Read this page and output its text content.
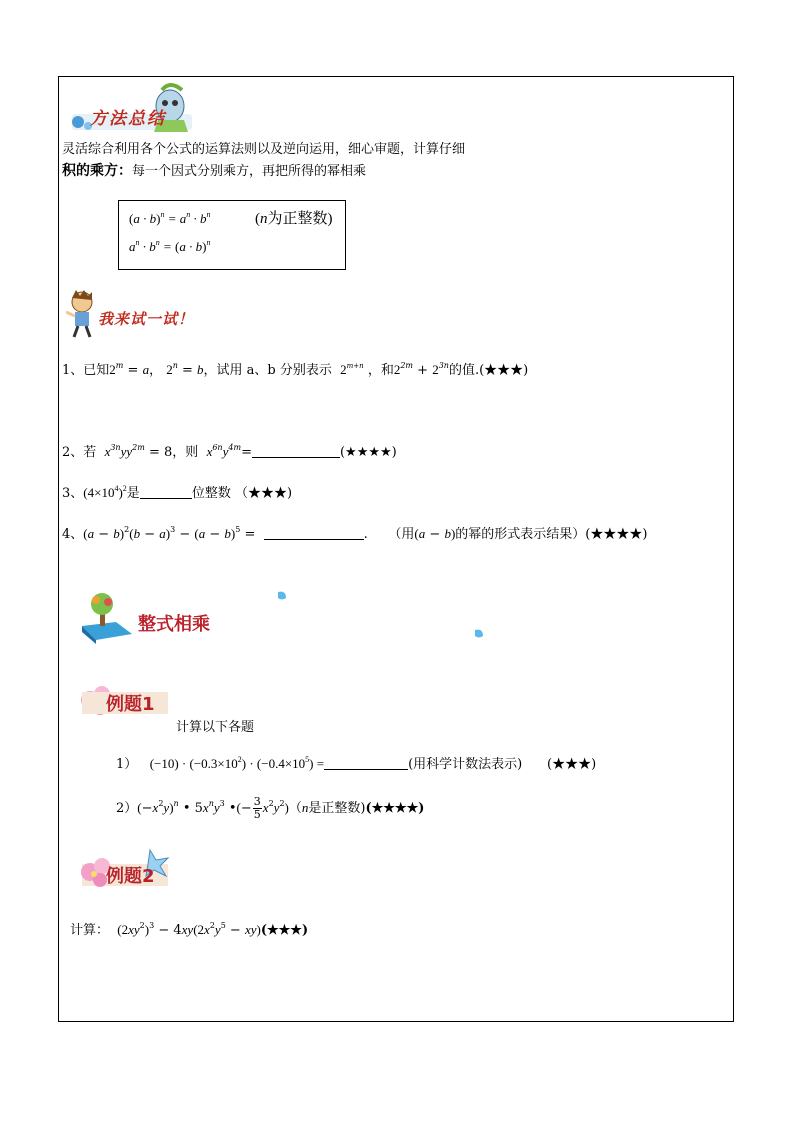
方法总结
灵活综合利用各个公式的运算法则以及逆向运用，细心审题，计算仔细
积的乘方：每一个因式分别乘方，再把所得的幂相乘
$(a \cdot b)^n = a^n \cdot b^n$	(n为正整数)
$a^n \cdot b^n = (a \cdot b)^n$
我来试一试！
1、已知$2^m = a$， $2^n = b$，试用 a、b 分别表示 $2^{m+n}$ ，和$2^{2m} + 2^{3n}$的值.(★★★)
2、若 $x^{3n}yy^{2m} = 8$，则 $x^{6n}y^{4m}=$	(★★★★)
3、$(4\times 10^4)^2$是	位整数 （★★★)
4、$(a - b)^2(b - a)^3 - (a - b)^5$ =	.     （用(a − b)的幂的形式表示结果）(★★★★)
整式相乘
例题1
计算以下各题
1） $(-10) \cdot (-0.3\times 10^2) \cdot (-0.4\times 10^5)$ =	(用科学计数法表示) (★★★)
$2)(-x^2y)^n$ • $5x^ny^3$ •(− $\frac{3}{5} x^2y^2)(n$是正整数)(★★★★)
例题2
计算： $(2xy^2)^3 - 4xy(2x^2y^5$ − xy)(★★★)
